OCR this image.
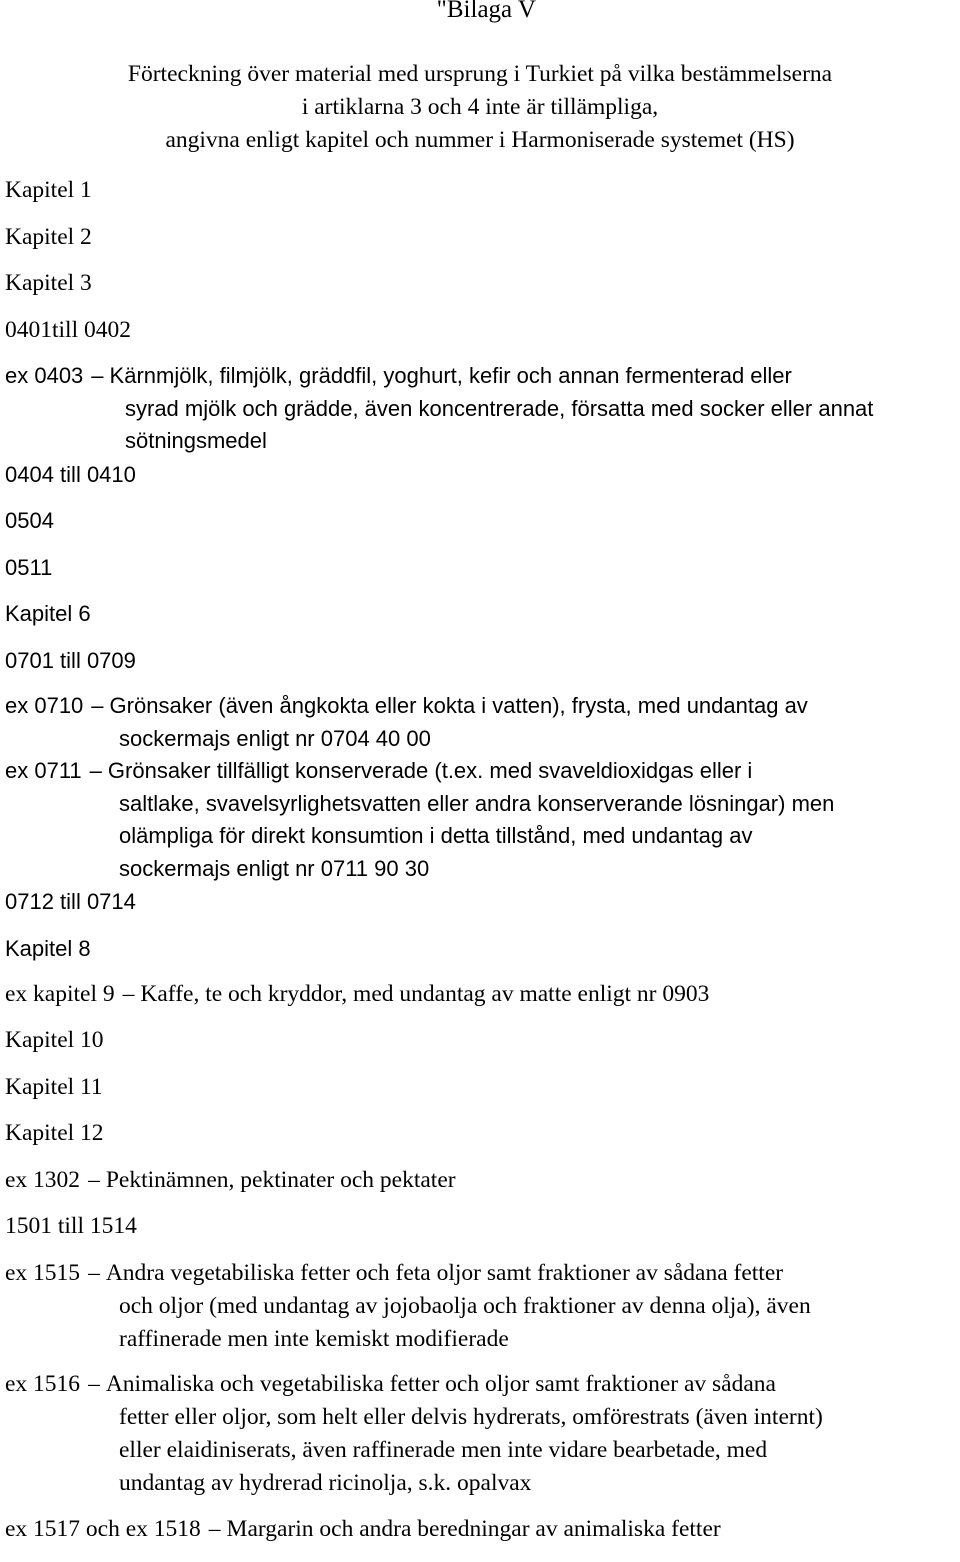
"Bilaga V
Förteckning över material med ursprung i Turkiet på vilka bestämmelserna
i artiklarna 3 och 4 inte är tillämpliga,
angivna enligt kapitel och nummer i Harmoniserade systemet (HS)
Kapitel 1
Kapitel 2
Kapitel 3
0401till 0402
ex 0403 – Kärnmjölk, filmjölk, gräddfil, yoghurt, kefir och annan fermenterad eller
syrad mjölk och grädde, även koncentrerade, försatta med socker eller annat
sötningsmedel
0404 till 0410
0504
0511
Kapitel 6
0701 till 0709
ex 0710 – Grönsaker (även ångkokta eller kokta i vatten), frysta, med undantag av
sockermajs enligt nr 0704 40 00
ex 0711 – Grönsaker tillfälligt konserverade (t.ex. med svaveldioxidgas eller i
saltlake, svavelsyrlighetsvatten eller andra konserverande lösningar) men
olämpliga för direkt konsumtion i detta tillstånd, med undantag av
sockermajs enligt nr 0711 90 30
0712 till 0714
Kapitel 8
ex kapitel 9 – Kaffe, te och kryddor, med undantag av matte enligt nr 0903
Kapitel 10
Kapitel 11
Kapitel 12
ex 1302 – Pektinämnen, pektinater och pektater
1501 till 1514
ex 1515 – Andra vegetabiliska fetter och feta oljor samt fraktioner av sådana fetter
och oljor (med undantag av jojobaolja och fraktioner av denna olja), även
raffinerade men inte kemiskt modifierade
ex 1516 – Animaliska och vegetabiliska fetter och oljor samt fraktioner av sådana
fetter eller oljor, som helt eller delvis hydrerats, omförestrats (även internt)
eller elaidiniserats, även raffinerade men inte vidare bearbetade, med
undantag av hydrerad ricinolja, s.k. opalvax
ex 1517 och ex 1518 – Margarin och andra beredningar av animaliska fetter
